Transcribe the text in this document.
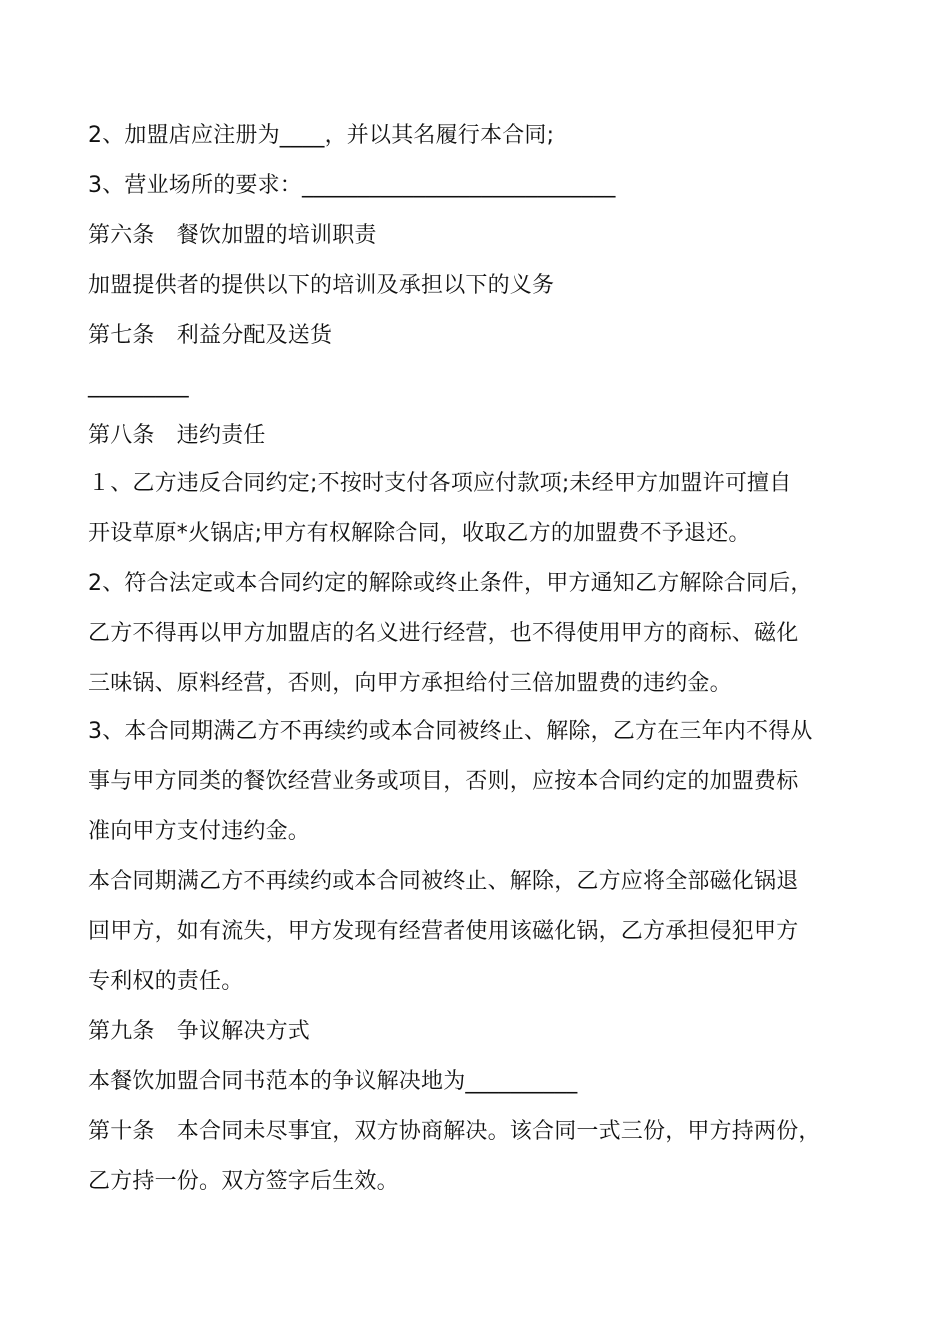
2、加盟店应注册为____，并以其名履行本合同;
3、营业场所的要求：____________________________
第六条　餐饮加盟的培训职责
加盟提供者的提供以下的培训及承担以下的义务
第七条　利益分配及送货
_________
第八条　违约责任
１、乙方违反合同约定;不按时支付各项应付款项;未经甲方加盟许可擅自
开设草原*火锅店;甲方有权解除合同，收取乙方的加盟费不予退还。
2、符合法定或本合同约定的解除或终止条件，甲方通知乙方解除合同后，
乙方不得再以甲方加盟店的名义进行经营，也不得使用甲方的商标、磁化
三味锅、原料经营，否则，向甲方承担给付三倍加盟费的违约金。
3、本合同期满乙方不再续约或本合同被终止、解除，乙方在三年内不得从
事与甲方同类的餐饮经营业务或项目，否则，应按本合同约定的加盟费标
准向甲方支付违约金。
本合同期满乙方不再续约或本合同被终止、解除，乙方应将全部磁化锅退
回甲方，如有流失，甲方发现有经营者使用该磁化锅，乙方承担侵犯甲方
专利权的责任。
第九条　争议解决方式
本餐饮加盟合同书范本的争议解决地为__________
第十条　本合同未尽事宜，双方协商解决。该合同一式三份，甲方持两份，
乙方持一份。双方签字后生效。
